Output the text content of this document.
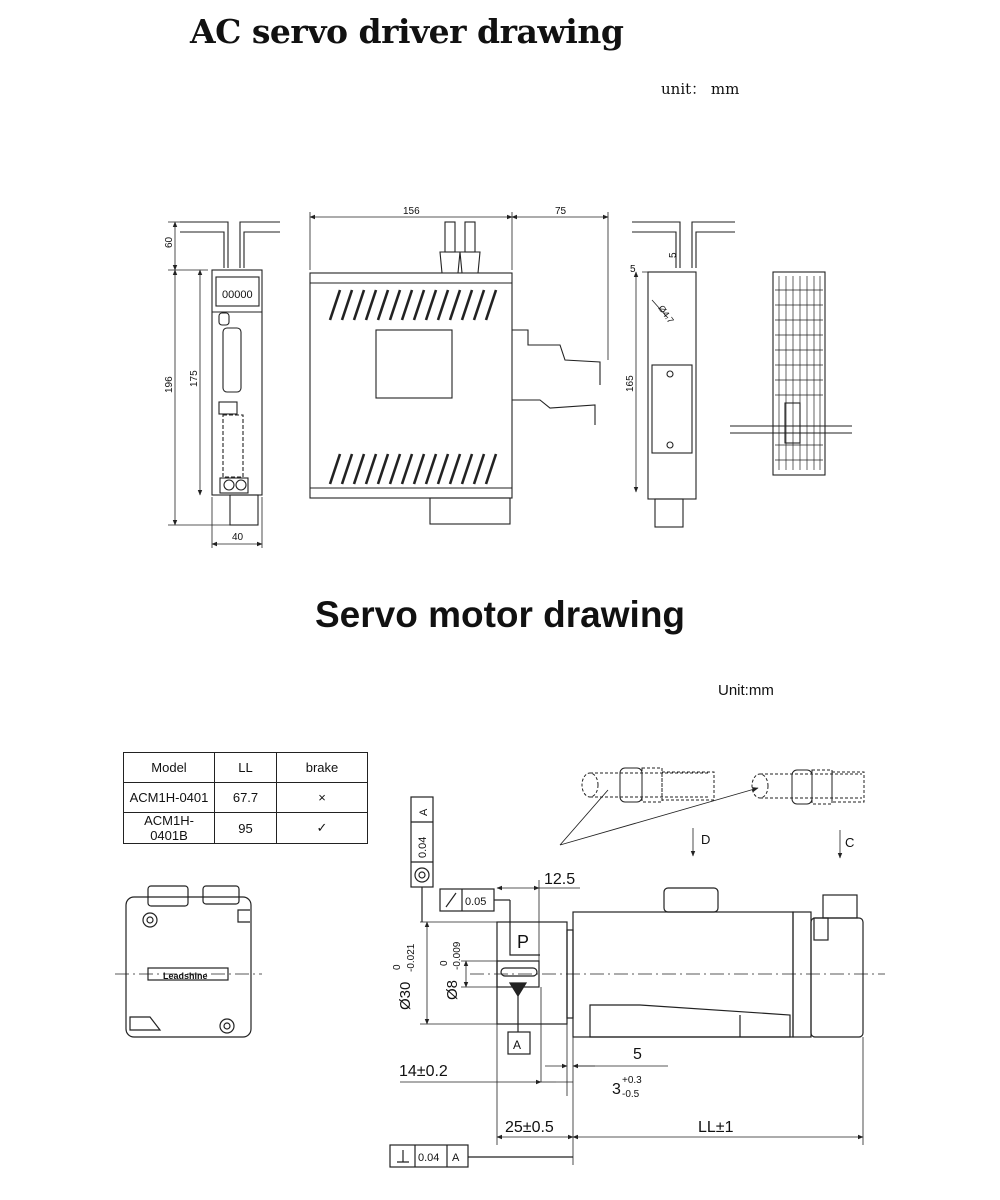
AC servo driver drawing
unit： mm
Servo motor drawing
Unit:mm
00000
60
196 175
40
156	75
5
5
165
Ø4.7
Leadshine
D	C
P
A
0.04
A
0.05
0.04 A
12.5
Ø30
0 -0.021
Ø8
0 -0.009
5
14±0.2
3
+0.3
-0.5
25±0.5	LL±1
Model	LL	brake
ACM1H-0401	67.7	×
ACM1H-0401B	95	✓
